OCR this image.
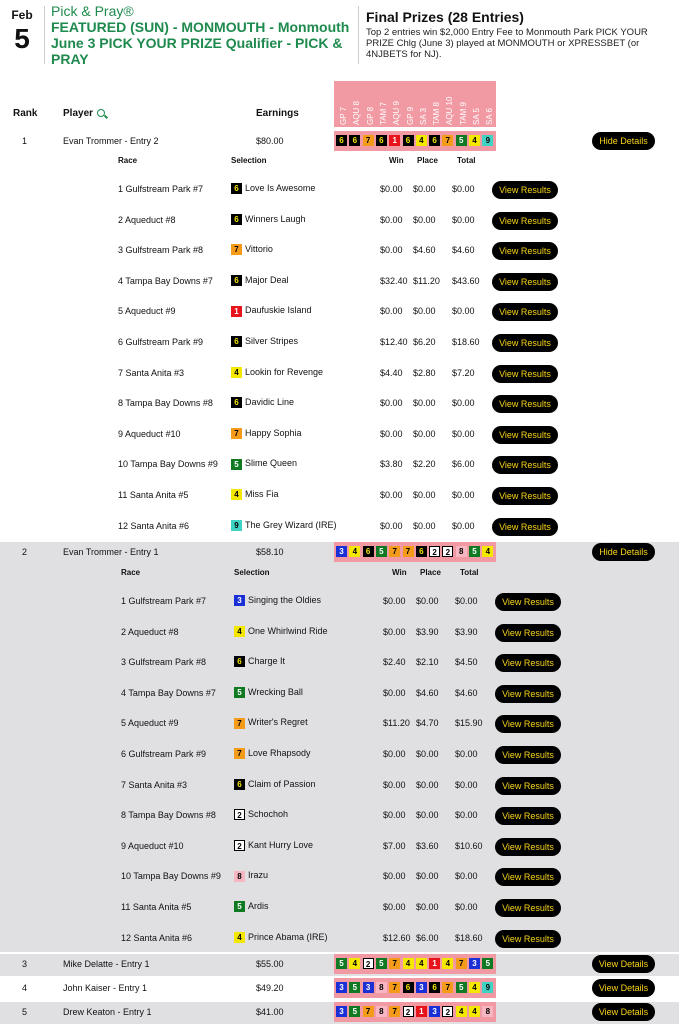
Feb
5
Pick & Pray®
FEATURED (SUN) - MONMOUTH - Monmouth June 3 PICK YOUR PRIZE Qualifier - PICK & PRAY
Final Prizes (28 Entries)
Top 2 entries win $2,000 Entry Fee to Monmouth Park PICK YOUR PRIZE Chlg (June 3) played at MONMOUTH or XPRESSBET (or 4NJBETS for NJ).
Rank	Player	Earnings	GP 7 AQU 8 GP 8 TAM 7 AQU 9 GP 9 SA 3 TAM 8 AQU 10 TAM 9 SA 5 SA 6
1	Evan Trommer - Entry 2	$80.00	6	6	7	6	1	6	4	6	7	5	4	9	Hide Details
Race	Selection	Win Place Total
1 Gulfstream Park #7	6 Love Is Awesome	$0.00 $0.00 $0.00	View Results
2 Aqueduct #8	6 Winners Laugh	$0.00 $0.00 $0.00	View Results
3 Gulfstream Park #8	7 Vittorio	$0.00 $4.60 $4.60	View Results
4 Tampa Bay Downs #7	6 Major Deal	$32.40 $11.20 $43.60	View Results
5 Aqueduct #9	1 Daufuskie Island	$0.00 $0.00 $0.00	View Results
6 Gulfstream Park #9	6 Silver Stripes	$12.40 $6.20 $18.60	View Results
7 Santa Anita #3	4 Lookin for Revenge	$4.40 $2.80 $7.20	View Results
8 Tampa Bay Downs #8	6 Davidic Line	$0.00 $0.00 $0.00	View Results
9 Aqueduct #10	7 Happy Sophia	$0.00 $0.00 $0.00	View Results
10 Tampa Bay Downs #9	5 Slime Queen	$3.80 $2.20 $6.00	View Results
11 Santa Anita #5	4 Miss Fia	$0.00 $0.00 $0.00	View Results
12 Santa Anita #6	9 The Grey Wizard (IRE)	$0.00 $0.00 $0.00	View Results
2	Evan Trommer - Entry 1	$58.10	3	4	6	5	7	7	6	2	2	8	5	4	Hide Details
Race	Selection	Win Place Total
1 Gulfstream Park #7	3 Singing the Oldies	$0.00 $0.00 $0.00	View Results
2 Aqueduct #8	4 One Whirlwind Ride	$0.00 $3.90 $3.90	View Results
3 Gulfstream Park #8	6 Charge It	$2.40 $2.10 $4.50	View Results
4 Tampa Bay Downs #7	5 Wrecking Ball	$0.00 $4.60 $4.60	View Results
5 Aqueduct #9	7 Writer's Regret	$11.20 $4.70 $15.90	View Results
6 Gulfstream Park #9	7 Love Rhapsody	$0.00 $0.00 $0.00	View Results
7 Santa Anita #3	6 Claim of Passion	$0.00 $0.00 $0.00	View Results
8 Tampa Bay Downs #8	2 Schochoh	$0.00 $0.00 $0.00	View Results
9 Aqueduct #10	2 Kant Hurry Love	$7.00 $3.60 $10.60	View Results
10 Tampa Bay Downs #9	8 Irazu	$0.00 $0.00 $0.00	View Results
11 Santa Anita #5	5 Ardis	$0.00 $0.00 $0.00	View Results
12 Santa Anita #6	4 Prince Abama (IRE)	$12.60 $6.00 $18.60	View Results
3	Mike Delatte - Entry 1	$55.00	5	4	2	5	7	4	4	1	4	7	3	5	View Details
4	John Kaiser - Entry 1	$49.20	3	5	3	8	7	6	3	6	7	5	4	9	View Details
5	Drew Keaton - Entry 1	$41.00	3	5	7	8	7	2	1	3	2	4	4	8	View Details
